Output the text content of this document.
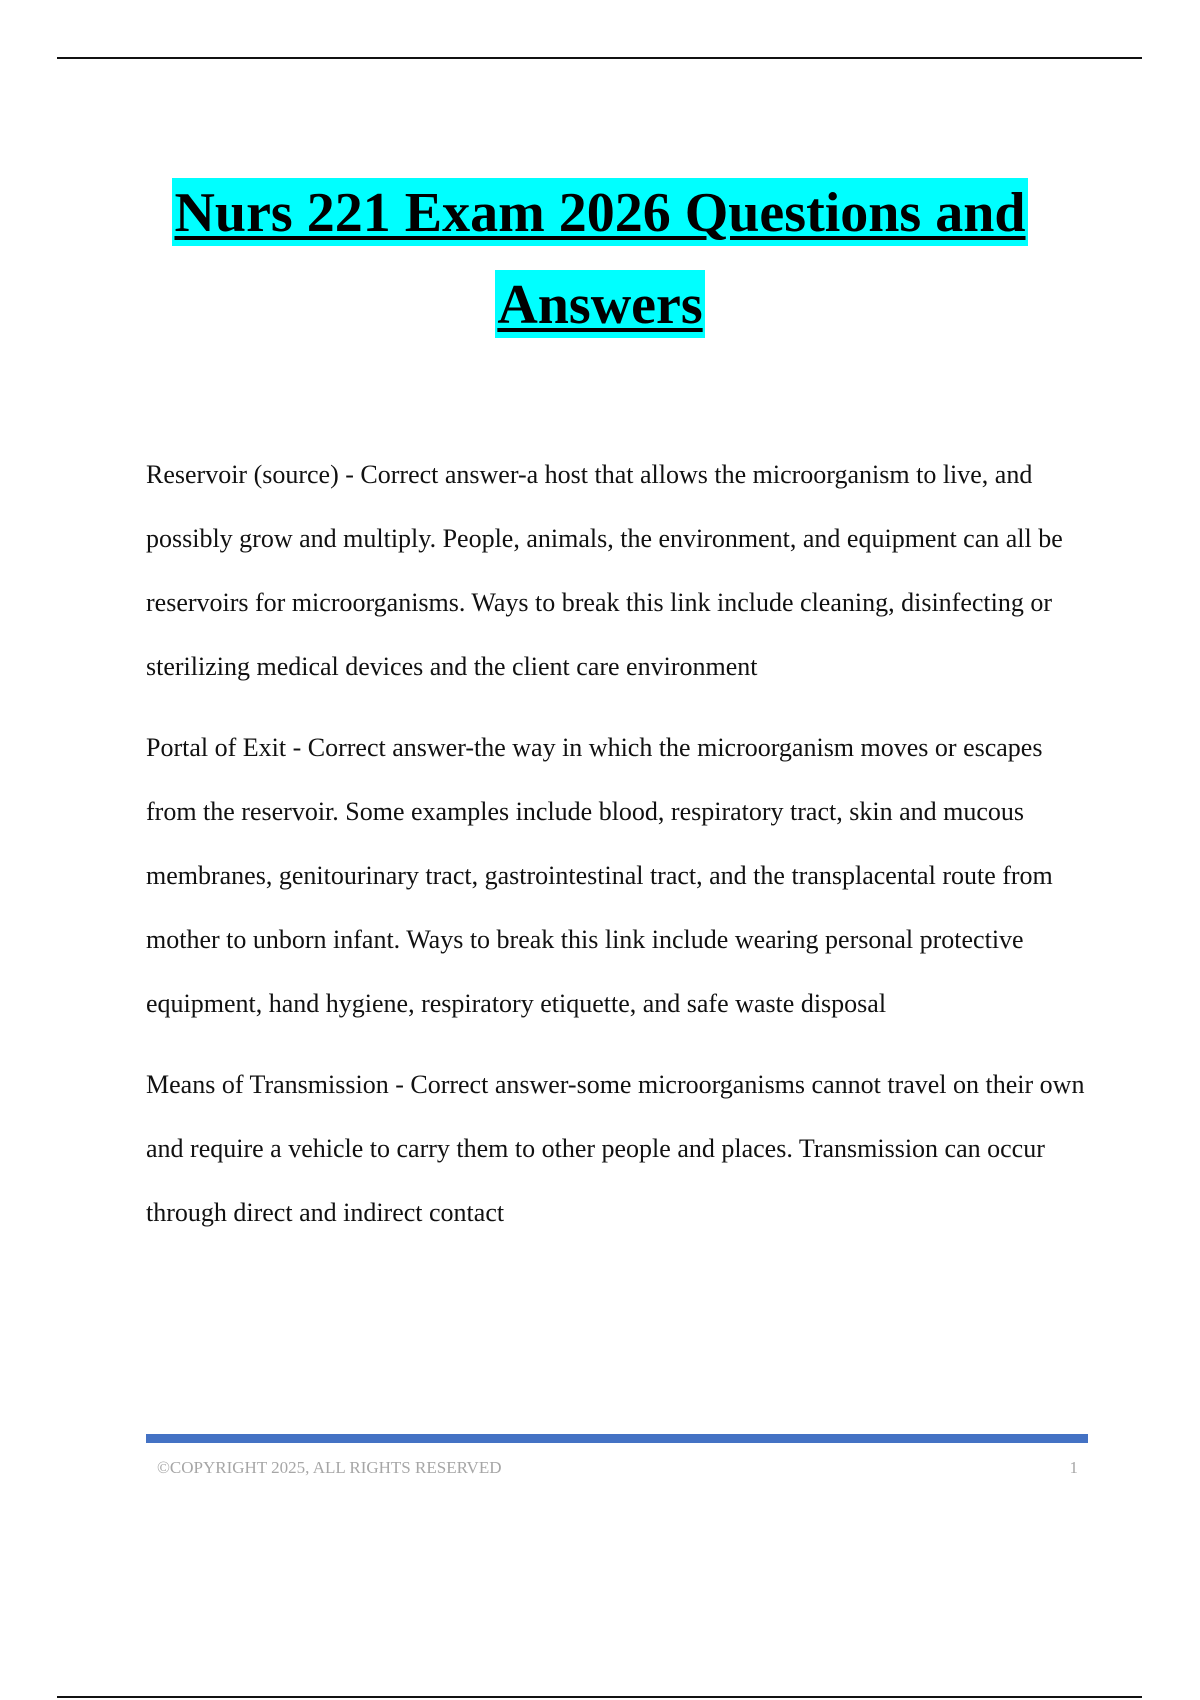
Nurs 221 Exam 2026 Questions and
Answers

Reservoir (source) - Correct answer-a host that allows the microorganism to live, and possibly grow and multiply. People, animals, the environment, and equipment can all be reservoirs for microorganisms. Ways to break this link include cleaning, disinfecting or sterilizing medical devices and the client care environment

Portal of Exit - Correct answer-the way in which the microorganism moves or escapes from the reservoir. Some examples include blood, respiratory tract, skin and mucous membranes, genitourinary tract, gastrointestinal tract, and the transplacental route from mother to unborn infant. Ways to break this link include wearing personal protective equipment, hand hygiene, respiratory etiquette, and safe waste disposal

Means of Transmission - Correct answer-some microorganisms cannot travel on their own and require a vehicle to carry them to other people and places. Transmission can occur through direct and indirect contact

©COPYRIGHT 2025, ALL RIGHTS RESERVED	1
